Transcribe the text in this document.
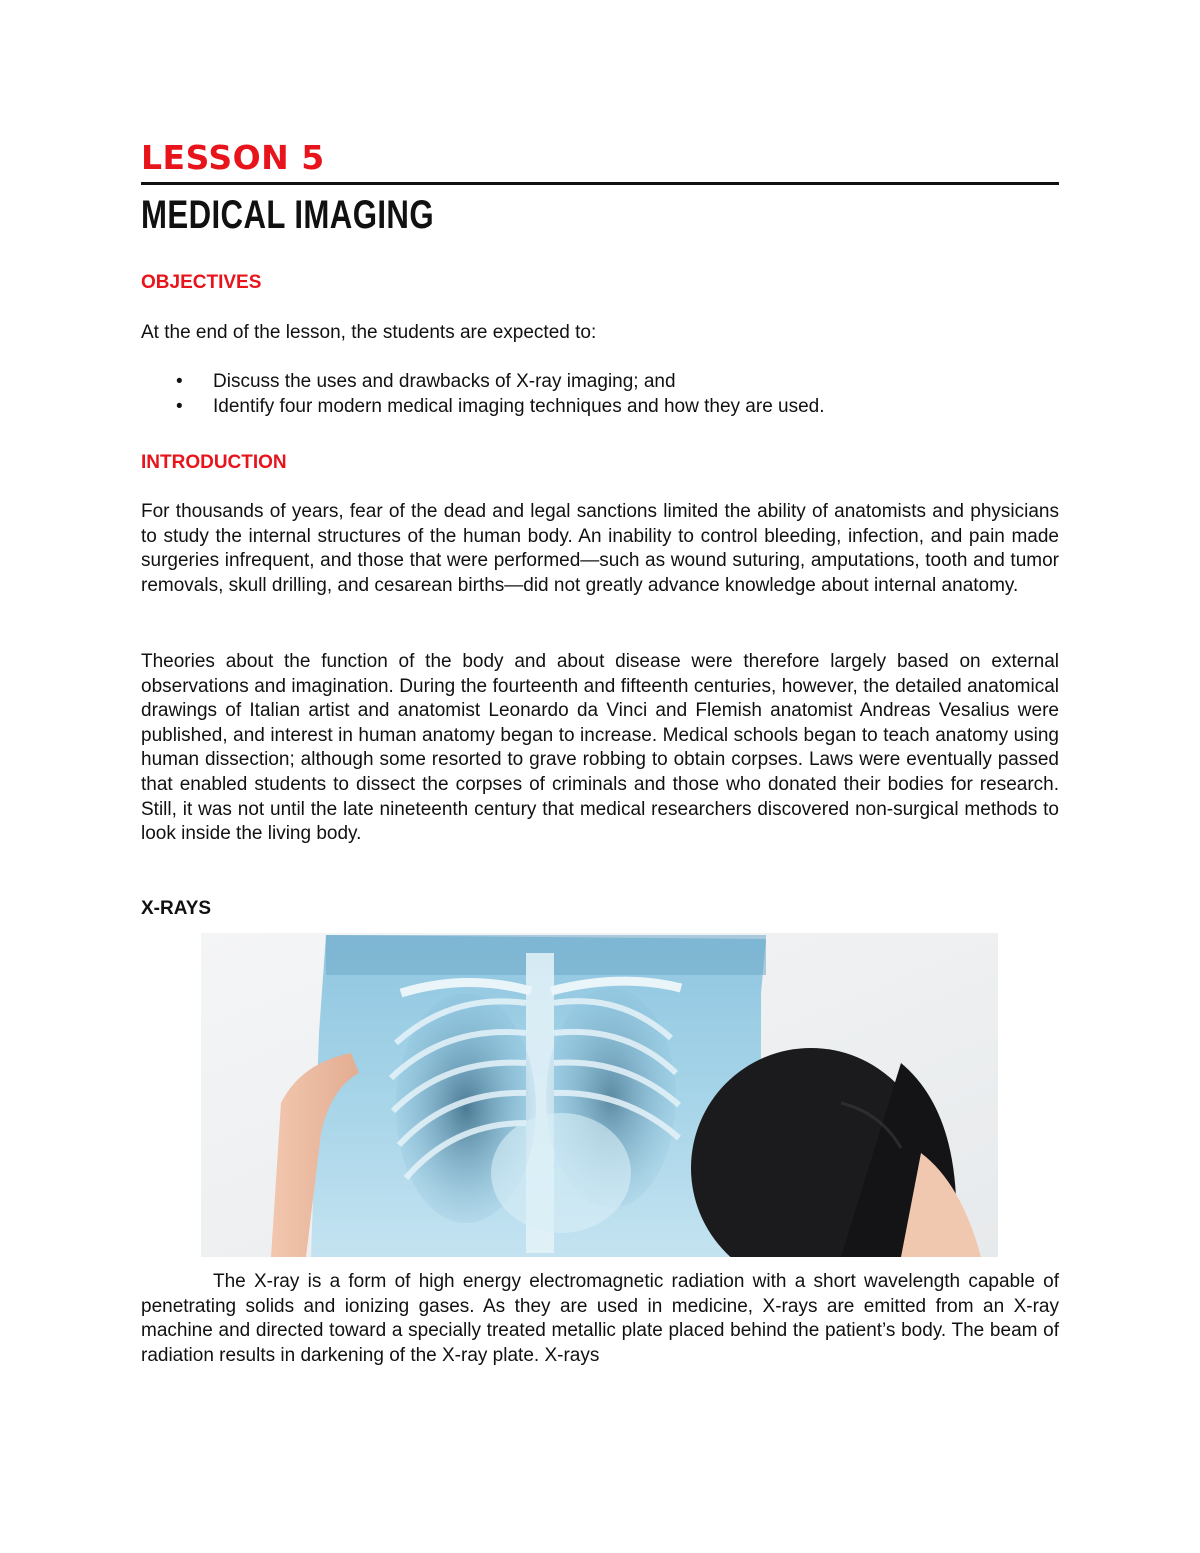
LESSON 5
MEDICAL IMAGING
OBJECTIVES
At the end of the lesson, the students are expected to:
• Discuss the uses and drawbacks of X-ray imaging; and
• Identify four modern medical imaging techniques and how they are used.
INTRODUCTION

For thousands of years, fear of the dead and legal sanctions limited the ability of anatomists and physicians to study the internal structures of the human body. An inability to control bleeding, infection, and pain made surgeries infrequent, and those that were performed—such as wound suturing, amputations, tooth and tumor removals, skull drilling, and cesarean births—did not greatly advance knowledge about internal anatomy.

Theories about the function of the body and about disease were therefore largely based on external observations and imagination. During the fourteenth and fifteenth centuries, however, the detailed anatomical drawings of Italian artist and anatomist Leonardo da Vinci and Flemish anatomist Andreas Vesalius were published, and interest in human anatomy began to increase. Medical schools began to teach anatomy using human dissection; although some resorted to grave robbing to obtain corpses. Laws were eventually passed that enabled students to dissect the corpses of criminals and those who donated their bodies for research. Still, it was not until the late nineteenth century that medical researchers discovered non-surgical methods to look inside the living body.

X-RAYS

The X-ray is a form of high energy electromagnetic radiation with a short wavelength capable of penetrating solids and ionizing gases. As they are used in medicine, X-rays are emitted from an X-ray machine and directed toward a specially treated metallic plate placed behind the patient’s body. The beam of radiation results in darkening of the X-ray plate. X-rays
